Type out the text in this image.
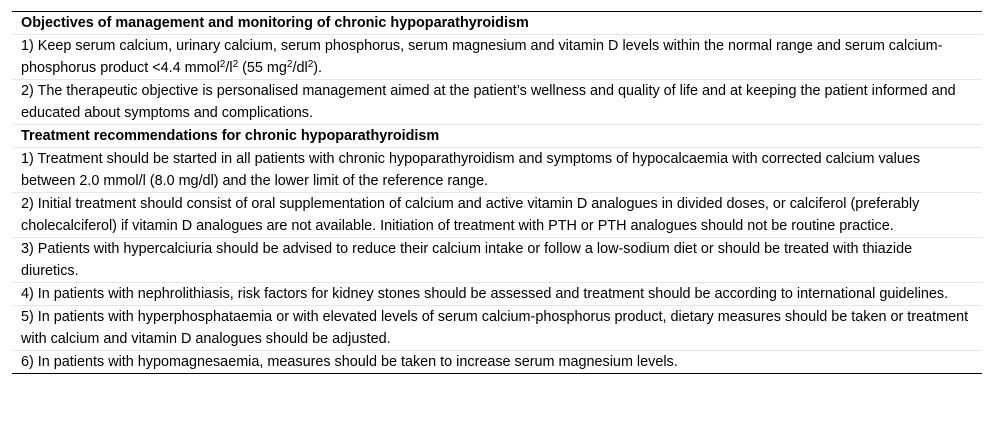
Objectives of management and monitoring of chronic hypoparathyroidism
1) Keep serum calcium, urinary calcium, serum phosphorus, serum magnesium and vitamin D levels within the normal range and serum calcium-phosphorus product <4.4 $mmol^2/l^2$ (55 $mg^2/dl^2$).
2) The therapeutic objective is personalised management aimed at the patient’s wellness and quality of life and at keeping the patient informed and educated about symptoms and complications.
Treatment recommendations for chronic hypoparathyroidism
1) Treatment should be started in all patients with chronic hypoparathyroidism and symptoms of hypocalcaemia with corrected calcium values between 2.0 mmol/l (8.0 mg/dl) and the lower limit of the reference range.
2) Initial treatment should consist of oral supplementation of calcium and active vitamin D analogues in divided doses, or calciferol (preferably cholecalciferol) if vitamin D analogues are not available. Initiation of treatment with PTH or PTH analogues should not be routine practice.
3) Patients with hypercalciuria should be advised to reduce their calcium intake or follow a low-sodium diet or should be treated with thiazide diuretics.
4) In patients with nephrolithiasis, risk factors for kidney stones should be assessed and treatment should be according to international guidelines.
5) In patients with hyperphosphataemia or with elevated levels of serum calcium-phosphorus product, dietary measures should be taken or treatment with calcium and vitamin D analogues should be adjusted.
6) In patients with hypomagnesaemia, measures should be taken to increase serum magnesium levels.
